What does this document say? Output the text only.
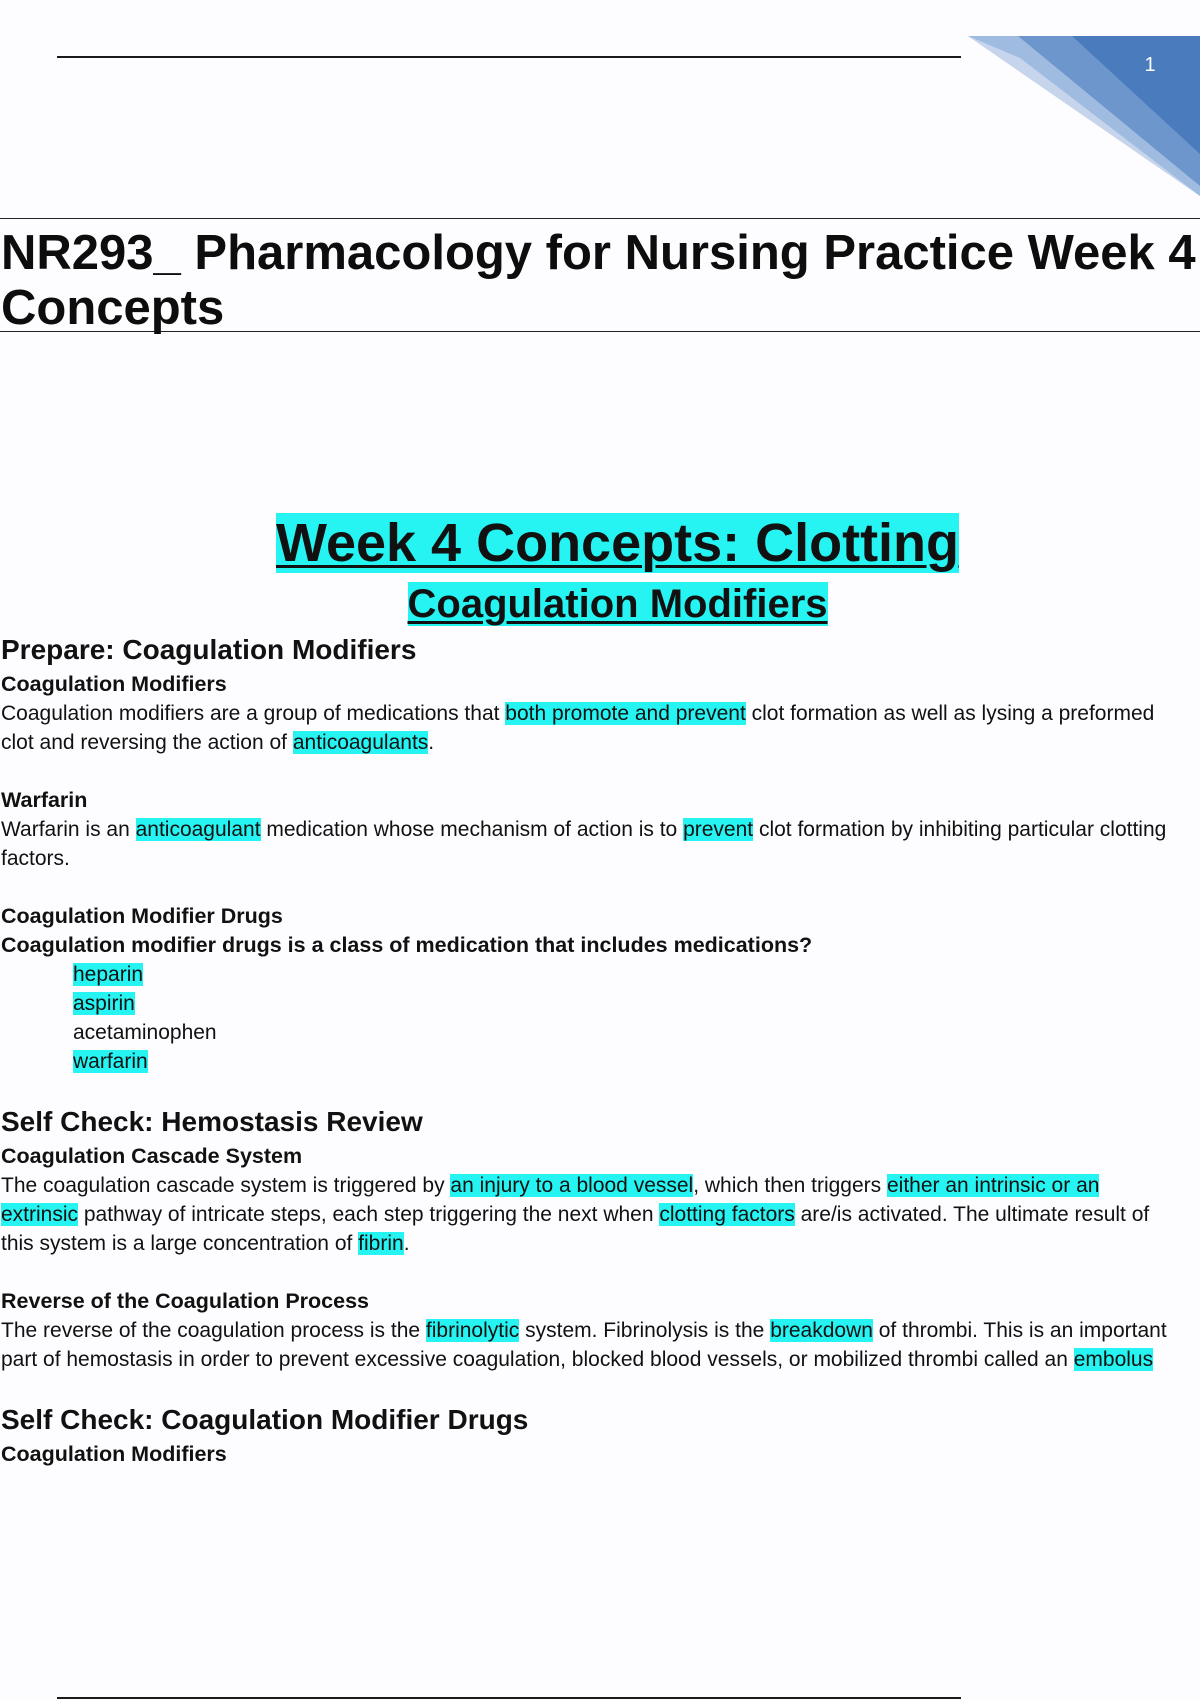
1
NR293_ Pharmacology for Nursing Practice Week 4 Concepts
Week 4 Concepts: Clotting
Coagulation Modifiers
Prepare: Coagulation Modifiers
Coagulation Modifiers

Coagulation modifiers are a group of medications that both promote and prevent clot formation as well as lysing a preformed
clot and reversing the action of anticoagulants.

Warfarin

Warfarin is an anticoagulant medication whose mechanism of action is to prevent clot formation by inhibiting particular clotting
factors.

Coagulation Modifier Drugs
Coagulation modifier drugs is a class of medication that includes medications?
heparin
aspirin
acetaminophen
warfarin
Self Check: Hemostasis Review
Coagulation Cascade System

The coagulation cascade system is triggered by an injury to a blood vessel, which then triggers either an intrinsic or an
extrinsic pathway of intricate steps, each step triggering the next when clotting factors are/is activated. The ultimate result of
this system is a large concentration of fibrin.

Reverse of the Coagulation Process

The reverse of the coagulation process is the fibrinolytic system. Fibrinolysis is the breakdown of thrombi. This is an important
part of hemostasis in order to prevent excessive coagulation, blocked blood vessels, or mobilized thrombi called an embolus

Self Check: Coagulation Modifier Drugs
Coagulation Modifiers
